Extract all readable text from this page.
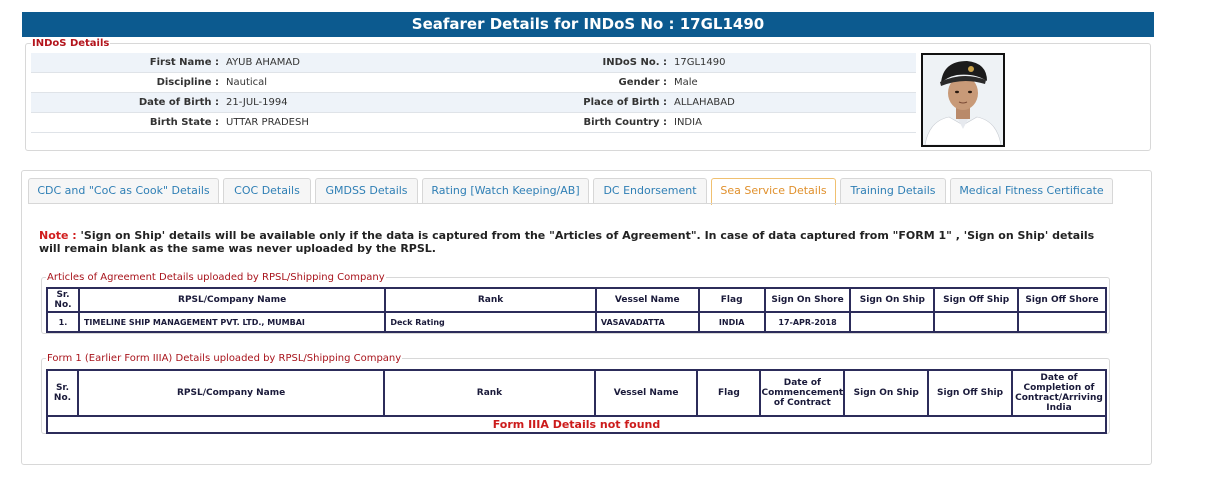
Seafarer Details for INDoS No : 17GL1490
INDoS Details
First Name : AYUB AHAMAD	INDoS No. : 17GL1490
Discipline : Nautical	Gender : Male
Date of Birth : 21-JUL-1994	Place of Birth : ALLAHABAD
Birth State : UTTAR PRADESH	Birth Country : INDIA
CDC and "CoC as Cook" Details	COC Details	GMDSS Details	Rating [Watch Keeping/AB]	DC Endorsement	Sea Service Details	Training Details	Medical Fitness Certificate
Note : 'Sign on Ship' details will be available only if the data is captured from the "Articles of Agreement". In case of data captured from "FORM 1" , 'Sign on Ship' details will remain blank as the same was never uploaded by the RPSL.
Articles of Agreement Details uploaded by RPSL/Shipping Company
Sr. No.	RPSL/Company Name	Rank	Vessel Name	Flag	Sign On Shore	Sign On Ship	Sign Off Ship	Sign Off Shore
1.	TIMELINE SHIP MANAGEMENT PVT. LTD., MUMBAI	Deck Rating	VASAVADATTA	INDIA	17-APR-2018			
Form 1 (Earlier Form IIIA) Details uploaded by RPSL/Shipping Company
Sr. No.	RPSL/Company Name	Rank	Vessel Name	Flag	Date of Commencement of Contract	Sign On Ship	Sign Off Ship	Date of Completion of Contract/Arriving India
Form IIIA Details not found
